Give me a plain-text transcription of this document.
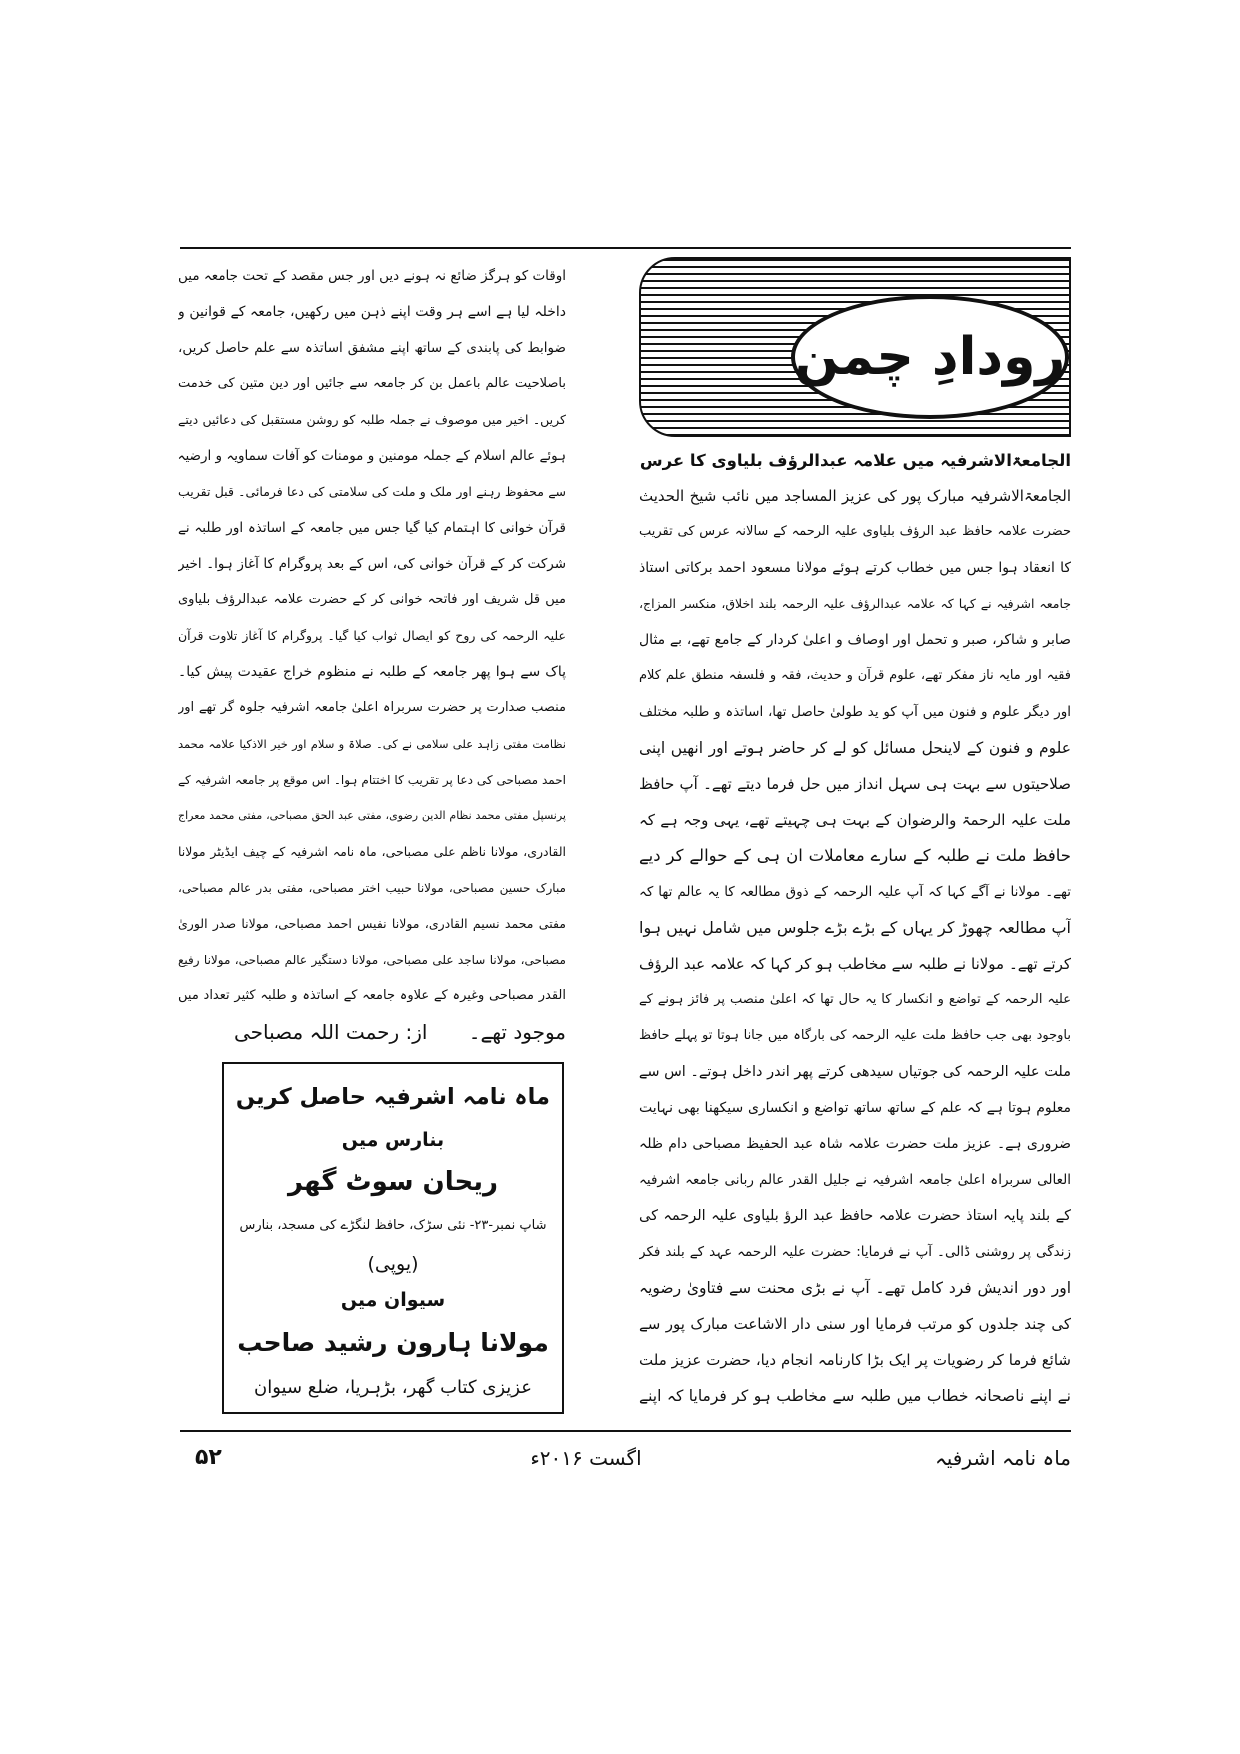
رودادِ چمن
الجامعۃالاشرفیہ میں علامہ عبدالرؤف بلیاوی کا عرس
الجامعۃالاشرفیہ مبارک پور کی عزیز المساجد میں نائب شیخ الحدیث
حضرت علامہ حافظ عبد الرؤف بلیاوی علیہ الرحمہ کے سالانہ عرس کی تقریب
کا انعقاد ہوا جس میں خطاب کرتے ہوئے مولانا مسعود احمد برکاتی استاذ
جامعہ اشرفیہ نے کہا کہ علامہ عبدالرؤف علیہ الرحمہ بلند اخلاق، منکسر المزاج،
صابر و شاکر، صبر و تحمل اور اوصاف و اعلیٰ کردار کے جامع تھے، بے مثال
فقیہ اور مایہ ناز مفکر تھے، علوم قرآن و حدیث، فقہ و فلسفہ منطق علم کلام
اور دیگر علوم و فنون میں آپ کو ید طولیٰ حاصل تھا، اساتذہ و طلبہ مختلف
علوم و فنون کے لاینحل مسائل کو لے کر حاضر ہوتے اور انھیں اپنی
صلاحیتوں سے بہت ہی سہل انداز میں حل فرما دیتے تھے۔ آپ حافظ
ملت علیہ الرحمۃ والرضوان کے بہت ہی چہیتے تھے، یہی وجہ ہے کہ
حافظ ملت نے طلبہ کے سارے معاملات ان ہی کے حوالے کر دیے
تھے۔ مولانا نے آگے کہا کہ آپ علیہ الرحمہ کے ذوق مطالعہ کا یہ عالم تھا کہ
آپ مطالعہ چھوڑ کر یہاں کے بڑے بڑے جلوس میں شامل نہیں ہوا
کرتے تھے۔ مولانا نے طلبہ سے مخاطب ہو کر کہا کہ علامہ عبد الرؤف
علیہ الرحمہ کے تواضع و انکسار کا یہ حال تھا کہ اعلیٰ منصب پر فائز ہونے کے
باوجود بھی جب حافظ ملت علیہ الرحمہ کی بارگاہ میں جانا ہوتا تو پہلے حافظ
ملت علیہ الرحمہ کی جوتیاں سیدھی کرتے پھر اندر داخل ہوتے۔ اس سے
معلوم ہوتا ہے کہ علم کے ساتھ ساتھ تواضع و انکساری سیکھنا بھی نہایت
ضروری ہے۔ عزیز ملت حضرت علامہ شاہ عبد الحفیظ مصباحی دام ظلہ
العالی سربراہ اعلیٰ جامعہ اشرفیہ نے جلیل القدر عالم ربانی جامعہ اشرفیہ
کے بلند پایہ استاذ حضرت علامہ حافظ عبد الرؤ بلیاوی علیہ الرحمہ کی
زندگی پر روشنی ڈالی۔ آپ نے فرمایا: حضرت علیہ الرحمہ عہد کے بلند فکر
اور دور اندیش فرد کامل تھے۔ آپ نے بڑی محنت سے فتاویٰ رضویہ
کی چند جلدوں کو مرتب فرمایا اور سنی دار الاشاعت مبارک پور سے
شائع فرما کر رضویات پر ایک بڑا کارنامہ انجام دیا، حضرت عزیز ملت
نے اپنے ناصحانہ خطاب میں طلبہ سے مخاطب ہو کر فرمایا کہ اپنے
اوقات کو ہرگز ضائع نہ ہونے دیں اور جس مقصد کے تحت جامعہ میں
داخلہ لیا ہے اسے ہر وقت اپنے ذہن میں رکھیں، جامعہ کے قوانین و
ضوابط کی پابندی کے ساتھ اپنے مشفق اساتذہ سے علم حاصل کریں،
باصلاحیت عالم باعمل بن کر جامعہ سے جائیں اور دین متین کی خدمت
کریں۔ اخیر میں موصوف نے جملہ طلبہ کو روشن مستقبل کی دعائیں دیتے
ہوئے عالم اسلام کے جملہ مومنین و مومنات کو آفات سماویہ و ارضیہ
سے محفوظ رہنے اور ملک و ملت کی سلامتی کی دعا فرمائی۔ قبل تقریب
قرآن خوانی کا اہتمام کیا گیا جس میں جامعہ کے اساتذہ اور طلبہ نے
شرکت کر کے قرآن خوانی کی، اس کے بعد پروگرام کا آغاز ہوا۔ اخیر
میں قل شریف اور فاتحہ خوانی کر کے حضرت علامہ عبدالرؤف بلیاوی
علیہ الرحمہ کی روح کو ایصال ثواب کیا گیا۔ پروگرام کا آغاز تلاوت قرآن
پاک سے ہوا پھر جامعہ کے طلبہ نے منظوم خراج عقیدت پیش کیا۔
منصب صدارت پر حضرت سربراہ اعلیٰ جامعہ اشرفیہ جلوہ گر تھے اور
نظامت مفتی زاہد علی سلامی نے کی۔ صلاۃ و سلام اور خیر الاذکیا علامہ محمد
احمد مصباحی کی دعا پر تقریب کا اختتام ہوا۔ اس موقع پر جامعہ اشرفیہ کے
پرنسپل مفتی محمد نظام الدین رضوی، مفتی عبد الحق مصباحی، مفتی محمد معراج
القادری، مولانا ناظم علی مصباحی، ماہ نامہ اشرفیہ کے چیف ایڈیٹر مولانا
مبارک حسین مصباحی، مولانا حبیب اختر مصباحی، مفتی بدر عالم مصباحی،
مفتی محمد نسیم القادری، مولانا نفیس احمد مصباحی، مولانا صدر الوریٰ
مصباحی، مولانا ساجد علی مصباحی، مولانا دستگیر عالم مصباحی، مولانا رفیع
القدر مصباحی وغیرہ کے علاوہ جامعہ کے اساتذہ و طلبہ کثیر تعداد میں
موجود تھے۔
از: رحمت اللہ مصباحی
ماہ نامہ اشرفیہ حاصل کریں
بنارس میں
ریحان سوٹ گھر
شاپ نمبر-۲۳- نئی سڑک، حافظ لنگڑے کی مسجد، بنارس
(یوپی)
سیوان میں
مولانا ہارون رشید صاحب
عزیزی کتاب گھر، بڑہریا، ضلع سیوان
ماہ نامہ اشرفیہ
اگست ۲۰۱۶ء
۵۲
